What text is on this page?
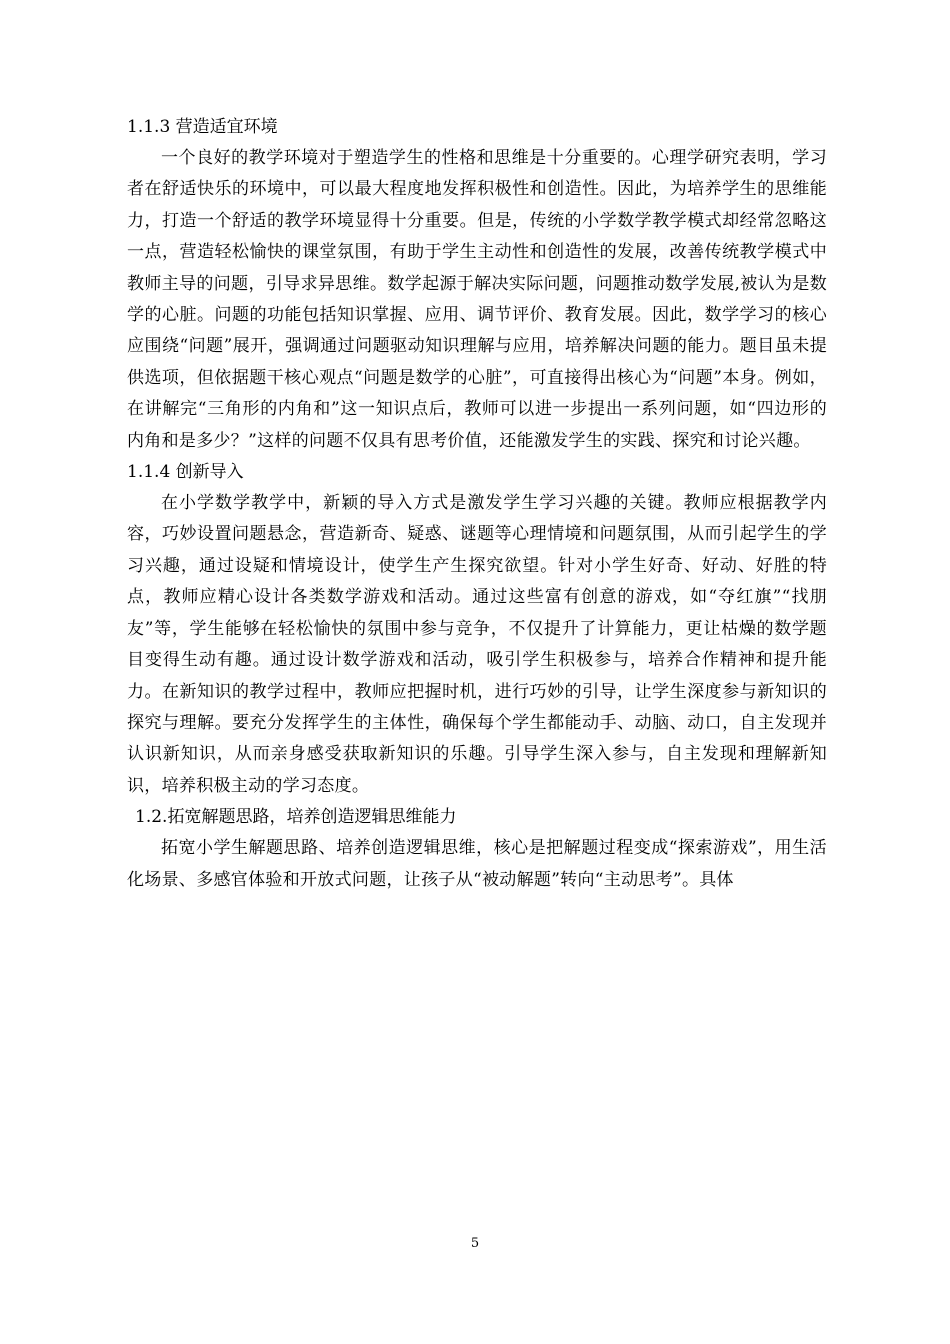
1.1.3 营造适宜环境

一个良好的教学环境对于塑造学生的性格和思维是十分重要的。心理学研究表明，学习者在舒适快乐的环境中，可以最大程度地发挥积极性和创造性。因此，为培养学生的思维能力，打造一个舒适的教学环境显得十分重要。但是，传统的小学数学教学模式却经常忽略这一点，营造轻松愉快的课堂氛围，有助于学生主动性和创造性的发展，改善传统教学模式中教师主导的问题，引导求异思维。数学起源于解决实际问题，问题推动数学发展,被认为是数学的心脏。问题的功能包括知识掌握、应用、调节评价、教育发展。因此，数学学习的核心应围绕“问题”展开，强调通过问题驱动知识理解与应用，培养解决问题的能力。题目虽未提供选项，但依据题干核心观点“问题是数学的心脏”，可直接得出核心为“问题”本身。例如，在讲解完“三角形的内角和”这一知识点后，教师可以进一步提出一系列问题，如“四边形的内角和是多少？”这样的问题不仅具有思考价值，还能激发学生的实践、探究和讨论兴趣。

1.1.4 创新导入

在小学数学教学中，新颖的导入方式是激发学生学习兴趣的关键。教师应根据教学内容，巧妙设置问题悬念，营造新奇、疑惑、谜题等心理情境和问题氛围，从而引起学生的学习兴趣，通过设疑和情境设计，使学生产生探究欲望。针对小学生好奇、好动、好胜的特点，教师应精心设计各类数学游戏和活动。通过这些富有创意的游戏，如“夺红旗”“找朋友”等，学生能够在轻松愉快的氛围中参与竞争，不仅提升了计算能力，更让枯燥的数学题目变得生动有趣。通过设计数学游戏和活动，吸引学生积极参与，培养合作精神和提升能力。在新知识的教学过程中，教师应把握时机，进行巧妙的引导，让学生深度参与新知识的探究与理解。要充分发挥学生的主体性，确保每个学生都能动手、动脑、动口，自主发现并认识新知识，从而亲身感受获取新知识的乐趣。引导学生深入参与，自主发现和理解新知识，培养积极主动的学习态度。

1.2.拓宽解题思路，培养创造逻辑思维能力

拓宽小学生解题思路、培养创造逻辑思维，核心是把解题过程变成“探索游戏”，用生活化场景、多感官体验和开放式问题，让孩子从“被动解题”转向“主动思考”。具体

5
